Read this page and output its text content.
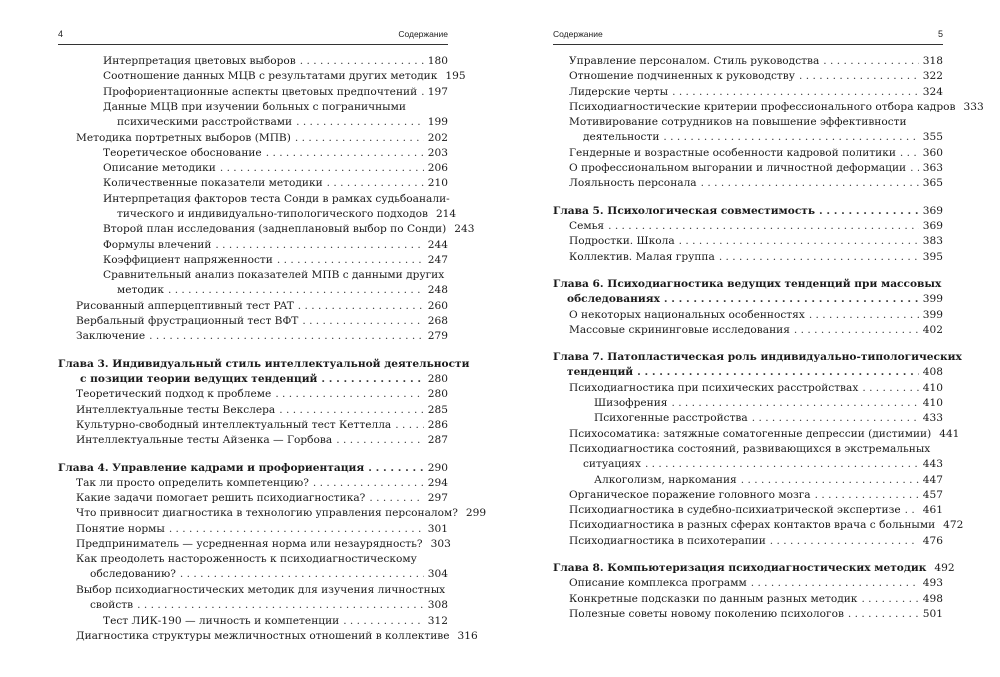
4	Содержание
Интерпретация цветовых выборов . . .	180
Соотношение данных МЦВ с результатами других методик 195
Профориентационные аспекты цветовых предпочтений . . . 197
Данные МЦВ при изучении больных с пограничными
психическими расстройствами . . .	199
Методика портретных выборов (МПВ) . . .	202
Теоретическое обоснование . . .	203
Описание методики . . .	206
Количественные показатели методики . . .	210
Интерпретация факторов теста Сонди в рамках судьбоанали-
тического и индивидуально-типологического подходов 214
Второй план исследования (заднеплановый выбор по Сонди) 243
Формулы влечений . . .	244
Коэффициент напряженности . . .	247
Сравнительный анализ показателей МПВ с данными других
методик . . .	248
Рисованный апперцептивный тест PAT . . .	260
Вербальный фрустрационный тест ВФТ . . .	268
Заключение . . .	279
Глава 3. Индивидуальный стиль интеллектуальной деятельности
с позиции теории ведущих тенденций . . .	280
Теоретический подход к проблеме . . .	280
Интеллектуальные тесты Векслера . . .	285
Культурно-свободный интеллектуальный тест Кеттелла . . .	286
Интеллектуальные тесты Айзенка — Горбова . . .	287
Глава 4. Управление кадрами и профориентация . . .	290
Так ли просто определить компетенцию? . . .	294
Какие задачи помогает решить психодиагностика? . . .	297
Что привносит диагностика в технологию управления персоналом? 299
Понятие нормы . . .	301
Предприниматель — усредненная норма или незаурядность? 303
Как преодолеть настороженность к психодиагностическому
обследованию? . . .	304
Выбор психодиагностических методик для изучения личностных
свойств . . .	308
Тест ЛИК-190 — личность и компетенции . . .	312
Диагностика структуры межличностных отношений в коллективе 316
Содержание	5
Управление персоналом. Стиль руководства . . .	318
Отношение подчиненных к руководству . . .	322
Лидерские черты . . .	324
Психодиагностические критерии профессионального отбора кадров 333
Мотивирование сотрудников на повышение эффективности
деятельности . . .	355
Гендерные и возрастные особенности кадровой политики . . .	360
О профессиональном выгорании и личностной деформации . . . 363
Лояльность персонала . . .	365
Глава 5. Психологическая совместимость . . .	369
Семья . . .	369
Подростки. Школа . . .	383
Коллектив. Малая группа . . .	395
Глава 6. Психодиагностика ведущих тенденций при массовых
обследованиях . . .	399
О некоторых национальных особенностях . . .	399
Массовые скрининговые исследования . . .	402
Глава 7. Патопластическая роль индивидуально-типологических
тенденций . . .	408
Психодиагностика при психических расстройствах . . .	410
Шизофрения . . .	410
Психогенные расстройства . . .	433
Психосоматика: затяжные соматогенные депрессии (дистимии) 441
Психодиагностика состояний, развивающихся в экстремальных
ситуациях . . .	443
Алкоголизм, наркомания . . .	447
Органическое поражение головного мозга . . .	457
Психодиагностика в судебно-психиатрической экспертизе . . . 461
Психодиагностика в разных сферах контактов врача с больными 472
Психодиагностика в психотерапии . . .	476
Глава 8. Компьютеризация психодиагностических методик 492
Описание комплекса программ . . .	493
Конкретные подсказки по данным разных методик . . .	498
Полезные советы новому поколению психологов . . .	501
